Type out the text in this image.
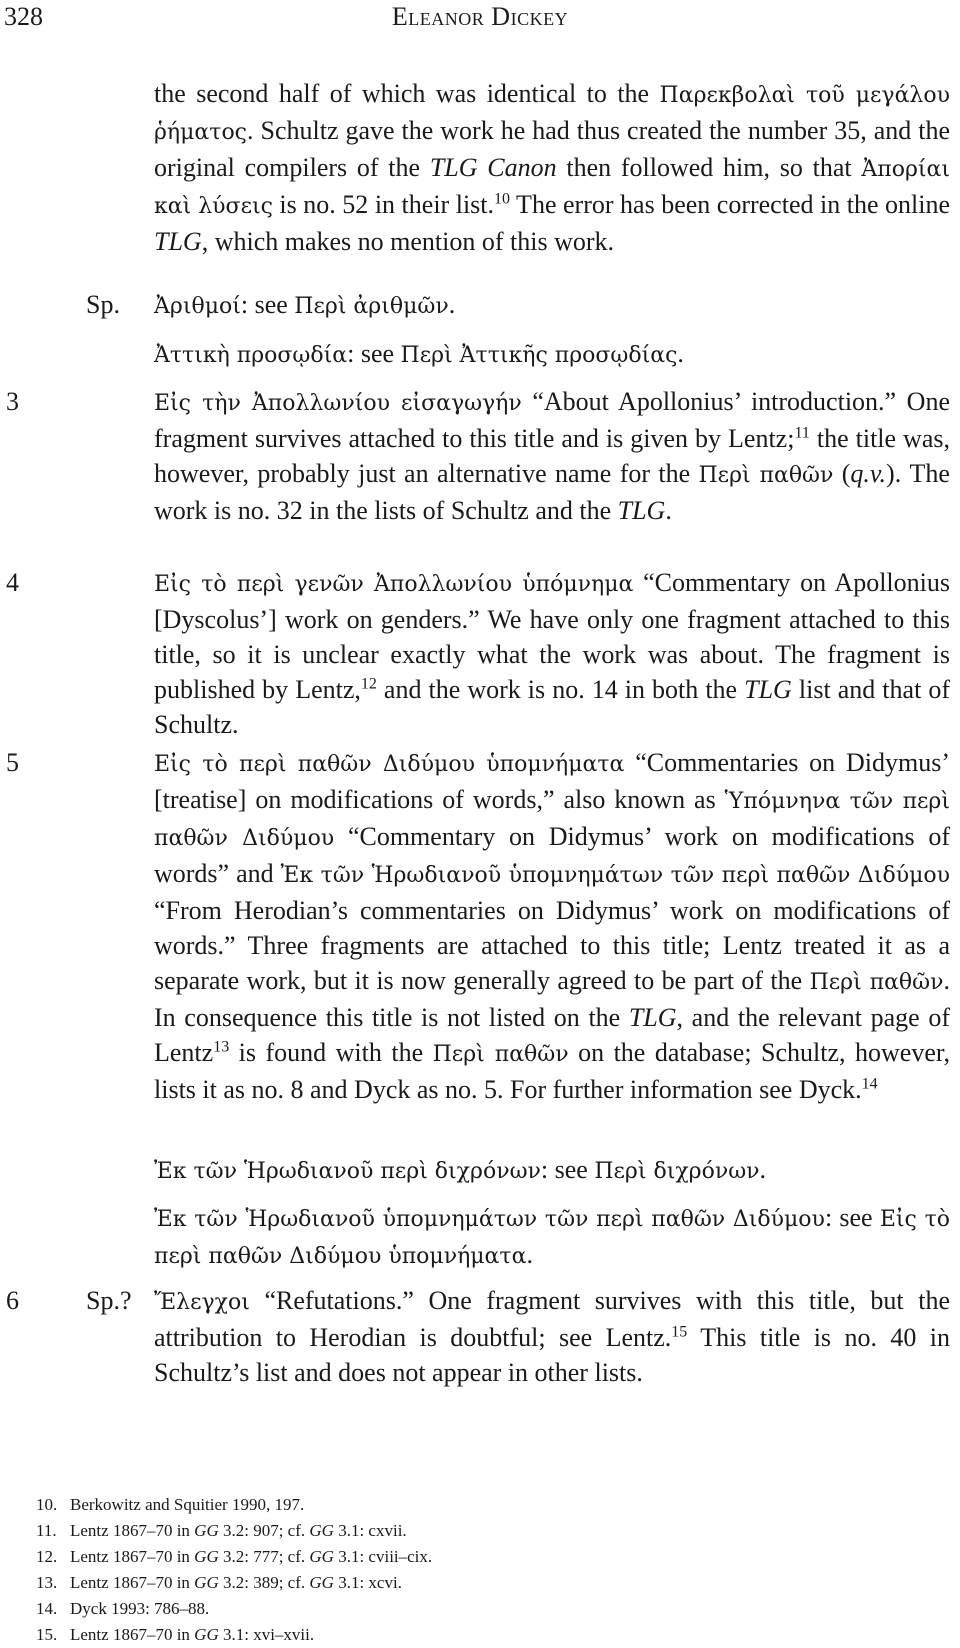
328	Eleanor Dickey

the second half of which was identical to the Παρεκβολαὶ τοῦ μεγάλου ῥήματος. Schultz gave the work he had thus created the number 35, and the original compilers of the TLG Canon then followed him, so that Ἀπορίαι καὶ λύσεις is no. 52 in their list.$^{10}$ The error has been corrected in the online TLG, which makes no mention of this work.

Sp. Ἀριθμοί: see Περὶ ἀριθμῶν.

Ἀττικὴ προσῳδία: see Περὶ Ἀττικῆς προσῳδίας.

3	Εἰς τὴν Ἀπολλωνίου εἰσαγωγήν “About Apollonius’ introduction.” One fragment survives attached to this title and is given by Lentz;$^{11}$ the title was, however, probably just an alternative name for the Περὶ παθῶν (q.v.). The work is no. 32 in the lists of Schultz and the TLG.

4	Εἰς τὸ περὶ γενῶν Ἀπολλωνίου ὑπόμνημα “Commentary on Apollonius [Dyscolus’] work on genders.” We have only one fragment attached to this title, so it is unclear exactly what the work was about. The fragment is published by Lentz,$^{12}$ and the work is no. 14 in both the TLG list and that of Schultz.

5	Εἰς τὸ περὶ παθῶν Διδύμου ὑπομνήματα “Commentaries on Didymus’ [treatise] on modifications of words,” also known as Ὑπόμνηνα τῶν περὶ παθῶν Διδύμου “Commentary on Didymus’ work on modifications of words” and Ἐκ τῶν Ἡρωδιανοῦ ὑπομνημάτων τῶν περὶ παθῶν Διδύμου “From Herodian’s commentaries on Didymus’ work on modifications of words.” Three fragments are attached to this title; Lentz treated it as a separate work, but it is now generally agreed to be part of the Περὶ παθῶν. In consequence this title is not listed on the TLG, and the relevant page of Lentz$^{13}$ is found with the Περὶ παθῶν on the database; Schultz, however, lists it as no. 8 and Dyck as no. 5. For further information see Dyck.$^{14}$

Ἐκ τῶν Ἡρωδιανοῦ περὶ διχρόνων: see Περὶ διχρόνων.

Ἐκ τῶν Ἡρωδιανοῦ ὑπομνημάτων τῶν περὶ παθῶν Διδύμου: see Εἰς τὸ περὶ παθῶν Διδύμου ὑπομνήματα.

6	Sp.? Ἔλεγχοι “Refutations.” One fragment survives with this title, but the attribution to Herodian is doubtful; see Lentz.$^{15}$ This title is no. 40 in Schultz’s list and does not appear in other lists.

10. Berkowitz and Squitier 1990, 197.
11. Lentz 1867–70 in GG 3.2: 907; cf. GG 3.1: cxvii.
12. Lentz 1867–70 in GG 3.2: 777; cf. GG 3.1: cviii–cix.
13. Lentz 1867–70 in GG 3.2: 389; cf. GG 3.1: xcvi.
14. Dyck 1993: 786–88.
15. Lentz 1867–70 in GG 3.1: xvi–xvii.
